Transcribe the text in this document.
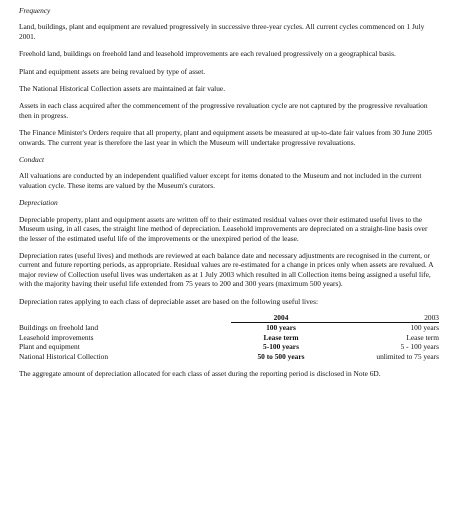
Frequency

Land, buildings, plant and equipment are revalued progressively in successive three-year cycles. All current cycles commenced on 1 July 2001.

Freehold land, buildings on freehold land and leasehold improvements are each revalued progressively on a geographical basis.

Plant and equipment assets are being revalued by type of asset.

The National Historical Collection assets are maintained at fair value.

Assets in each class acquired after the commencement of the progressive revaluation cycle are not captured by the progressive revaluation then in progress.

The Finance Minister's Orders require that all property, plant and equipment assets be measured at up-to-date fair values from 30 June 2005 onwards. The current year is therefore the last year in which the Museum will undertake progressive revaluations.

Conduct

All valuations are conducted by an independent qualified valuer except for items donated to the Museum and not included in the current valuation cycle. These items are valued by the Museum's curators.

Depreciation

Depreciable property, plant and equipment assets are written off to their estimated residual values over their estimated useful lives to the Museum using, in all cases, the straight line method of depreciation. Leasehold improvements are depreciated on a straight-line basis over the lesser of the estimated useful life of the improvements or the unexpired period of the lease.

Depreciation rates (useful lives) and methods are reviewed at each balance date and necessary adjustments are recognised in the current, or current and future reporting periods, as appropriate. Residual values are re-estimated for a change in prices only when assets are revalued. A major review of Collection useful lives was undertaken as at 1 July 2003 which resulted in all Collection items being assigned a useful life, with the majority having their useful life extended from 75 years to 200 and 300 years (maximum 500 years).

Depreciation rates applying to each class of depreciable asset are based on the following useful lives:

	2004	2003
Buildings on freehold land	100 years	100 years
Leasehold improvements	Lease term	Lease term
Plant and equipment	5-100 years	5 - 100 years
National Historical Collection	50 to 500 years	unlimited to 75 years

The aggregate amount of depreciation allocated for each class of asset during the reporting period is disclosed in Note 6D.
